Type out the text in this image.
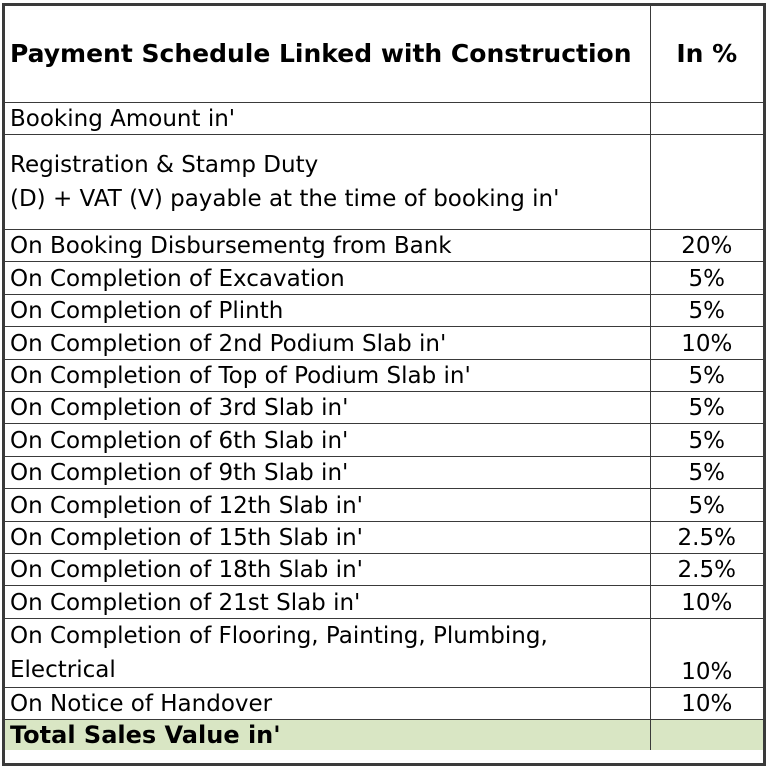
Payment Schedule Linked with Construction	In %
Booking Amount in'	

Registration & Stamp Duty
(D) + VAT (V) payable at the time of booking in'	

On Booking Disbursementg from Bank	20%
On Completion of Excavation	5%
On Completion of Plinth	5%
On Completion of 2nd Podium Slab in'	10%
On Completion of Top of Podium Slab in'	5%
On Completion of 3rd Slab in'	5%
On Completion of 6th Slab in'	5%
On Completion of 9th Slab in'	5%
On Completion of 12th Slab in'	5%
On Completion of 15th Slab in'	2.5%
On Completion of 18th Slab in'	2.5%
On Completion of 21st Slab in'	10%

On Completion of Flooring, Painting, Plumbing,
Electrical	10%
On Notice of Handover	10%
Total Sales Value in'	
